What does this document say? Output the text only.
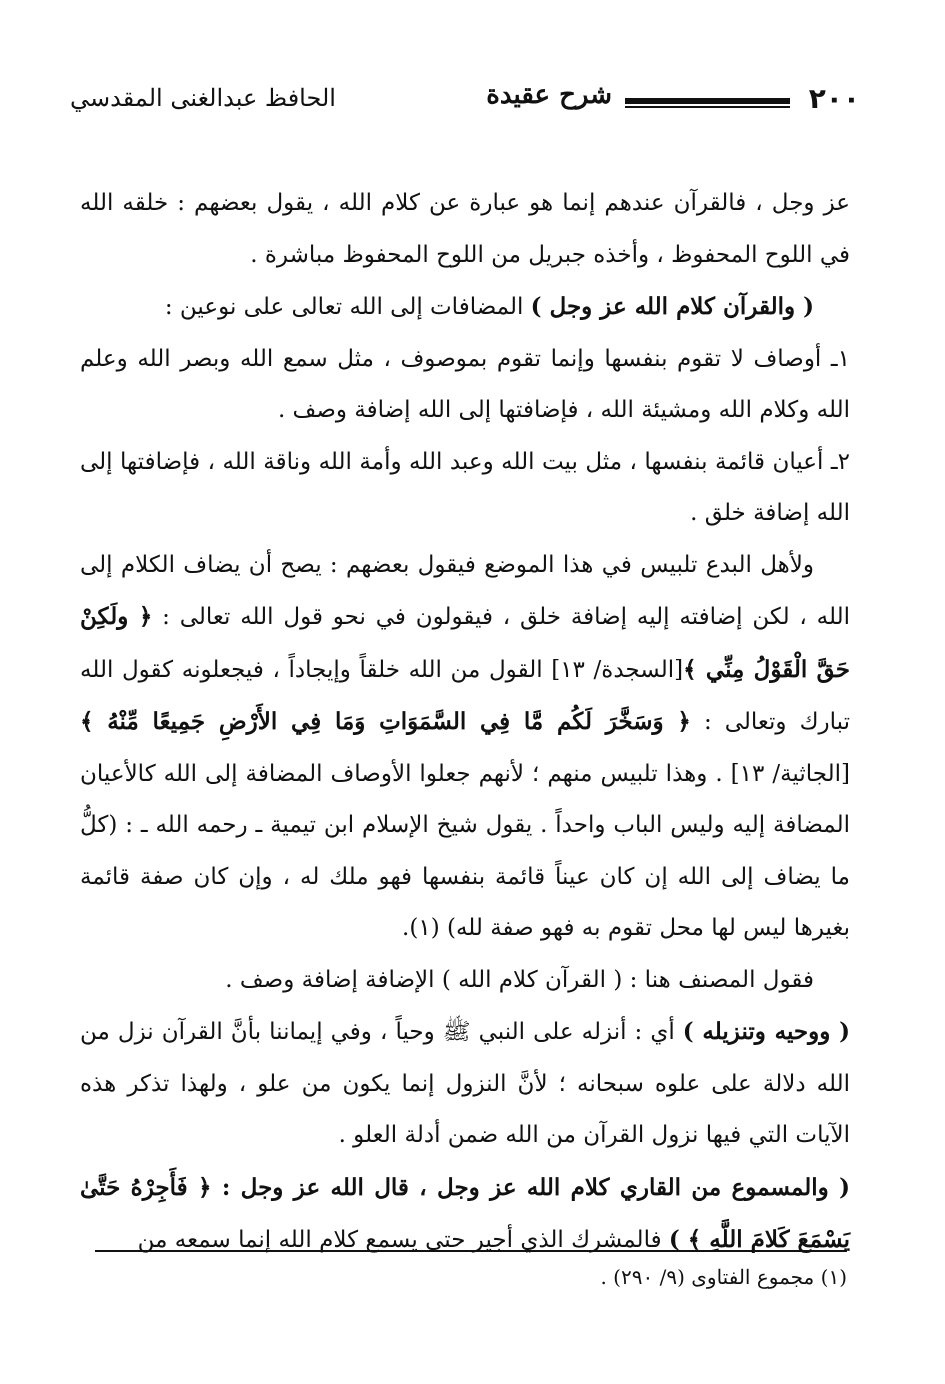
٢٠٠
شرح عقيدة
الحافظ عبدالغنى المقدسي

عز وجل ، فالقرآن عندهم إنما هو عبارة عن كلام الله ، يقول بعضهم : خلقه الله في اللوح المحفوظ ، وأخذه جبريل من اللوح المحفوظ مباشرة .

( والقرآن كلام الله عز وجل ) المضافات إلى الله تعالى على نوعين :

١ـ أوصاف لا تقوم بنفسها وإنما تقوم بموصوف ، مثل سمع الله وبصر الله وعلم الله وكلام الله ومشيئة الله ، فإضافتها إلى الله إضافة وصف .

٢ـ أعيان قائمة بنفسها ، مثل بيت الله وعبد الله وأمة الله وناقة الله ، فإضافتها إلى الله إضافة خلق .

ولأهل البدع تلبيس في هذا الموضع فيقول بعضهم : يصح أن يضاف الكلام إلى الله ، لكن إضافته إليه إضافة خلق ، فيقولون في نحو قول الله تعالى : ﴿ ولَكِنْ حَقَّ الْقَوْلُ مِنِّي ﴾[السجدة/ ١٣] القول من الله خلقاً وإيجاداً ، فيجعلونه كقول الله تبارك وتعالى : ﴿ وَسَخَّرَ لَكُم مَّا فِي السَّمَوَاتِ وَمَا فِي الأَرْضِ جَمِيعًا مِّنْهُ ﴾ [الجاثية/ ١٣] . وهذا تلبيس منهم ؛ لأنهم جعلوا الأوصاف المضافة إلى الله كالأعيان المضافة إليه وليس الباب واحداً . يقول شيخ الإسلام ابن تيمية ـ رحمه الله ـ : (كلُّ ما يضاف إلى الله إن كان عيناً قائمة بنفسها فهو ملك له ، وإن كان صفة قائمة بغيرها ليس لها محل تقوم به فهو صفة لله) (١).

فقول المصنف هنا : ( القرآن كلام الله ) الإضافة إضافة وصف .

( ووحيه وتنزيله ) أي : أنزله على النبي ﷺ وحياً ، وفي إيماننا بأنَّ القرآن نزل من الله دلالة على علوه سبحانه ؛ لأنَّ النزول إنما يكون من علو ، ولهذا تذكر هذه الآيات التي فيها نزول القرآن من الله ضمن أدلة العلو .

( والمسموع من القاري كلام الله عز وجل ، قال الله عز وجل : ﴿ فَأَجِرْهُ حَتَّىٰ يَسْمَعَ كَلامَ اللَّهِ ﴾ ) فالمشرك الذي أجير حتى يسمع كلام الله إنما سمعه من

(١) مجموع الفتاوى (٩/ ٢٩٠) .
